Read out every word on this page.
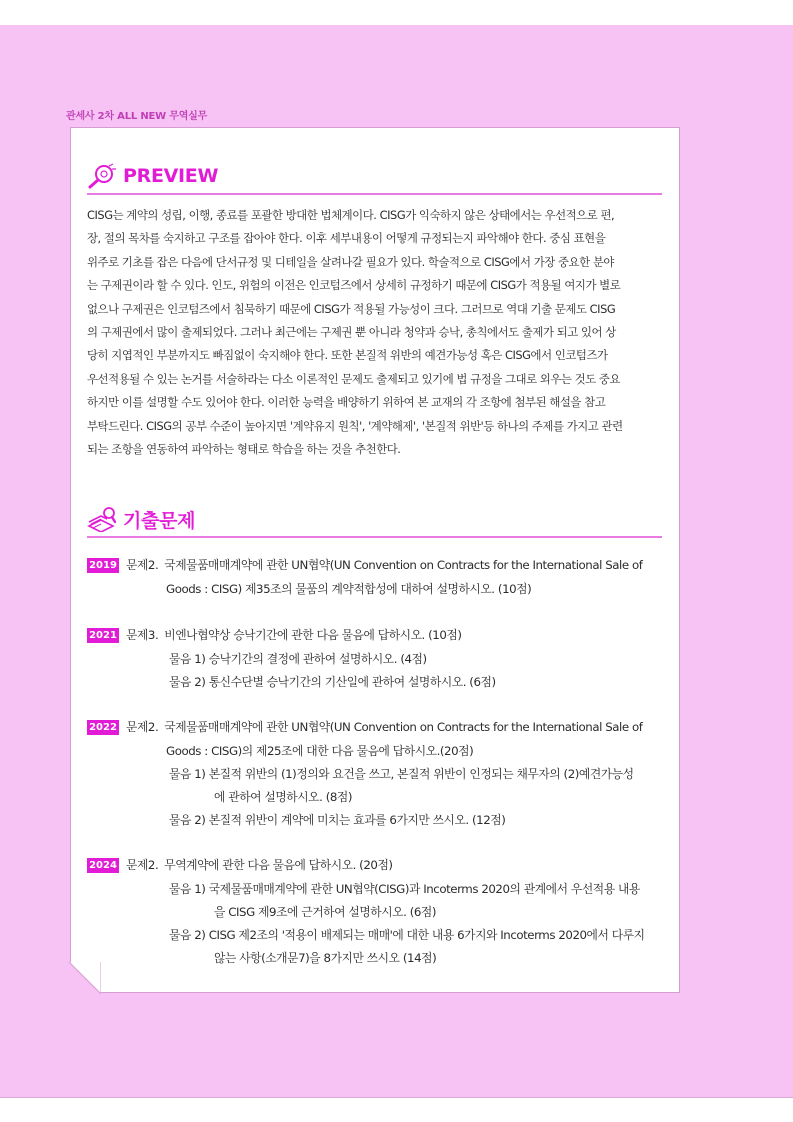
관세사 2차 ALL NEW 무역실무
PREVIEW
CISG는 계약의 성립, 이행, 종료를 포괄한 방대한 법체계이다. CISG가 익숙하지 않은 상태에서는 우선적으로 편,
장, 절의 목차를 숙지하고 구조를 잡아야 한다. 이후 세부내용이 어떻게 규정되는지 파악해야 한다. 중심 표현을
위주로 기초를 잡은 다음에 단서규정 및 디테일을 살려나갈 필요가 있다. 학술적으로 CISG에서 가장 중요한 분야
는 구제권이라 할 수 있다. 인도, 위험의 이전은 인코텀즈에서 상세히 규정하기 때문에 CISG가 적용될 여지가 별로
없으나 구제권은 인코텀즈에서 침묵하기 때문에 CISG가 적용될 가능성이 크다. 그러므로 역대 기출 문제도 CISG
의 구제권에서 많이 출제되었다. 그러나 최근에는 구제권 뿐 아니라 청약과 승낙, 총칙에서도 출제가 되고 있어 상
당히 지엽적인 부분까지도 빠짐없이 숙지해야 한다. 또한 본질적 위반의 예견가능성 혹은 CISG에서 인코텀즈가
우선적용될 수 있는 논거를 서술하라는 다소 이론적인 문제도 출제되고 있기에 법 규정을 그대로 외우는 것도 중요
하지만 이를 설명할 수도 있어야 한다. 이러한 능력을 배양하기 위하여 본 교재의 각 조항에 첨부된 해설을 참고
부탁드린다. CISG의 공부 수준이 높아지면 '계약유지 원칙', '계약해제', '본질적 위반'등 하나의 주제를 가지고 관련
되는 조항을 연동하여 파악하는 형태로 학습을 하는 것을 추천한다.
기출문제
2019 문제2. 국제물품매매계약에 관한 UN협약(UN Convention on Contracts for the International Sale of
Goods : CISG) 제35조의 물품의 계약적합성에 대하여 설명하시오. (10점)
2021 문제3. 비엔나협약상 승낙기간에 관한 다음 물음에 답하시오. (10점)
물음 1) 승낙기간의 결정에 관하여 설명하시오. (4점)
물음 2) 통신수단별 승낙기간의 기산일에 관하여 설명하시오. (6점)
2022 문제2. 국제물품매매계약에 관한 UN협약(UN Convention on Contracts for the International Sale of
Goods : CISG)의 제25조에 대한 다음 물음에 답하시오.(20점)
물음 1) 본질적 위반의 (1)정의와 요건을 쓰고, 본질적 위반이 인정되는 채무자의 (2)예견가능성
에 관하여 설명하시오. (8점)
물음 2) 본질적 위반이 계약에 미치는 효과를 6가지만 쓰시오. (12점)
2024 문제2. 무역계약에 관한 다음 물음에 답하시오. (20점)
물음 1) 국제물품매매계약에 관한 UN협약(CISG)과 Incoterms 2020의 관계에서 우선적용 내용
을 CISG 제9조에 근거하여 설명하시오. (6점)
물음 2) CISG 제2조의 '적용이 배제되는 매매'에 대한 내용 6가지와 Incoterms 2020에서 다루지
않는 사항(소개문7)을 8가지만 쓰시오 (14점)
